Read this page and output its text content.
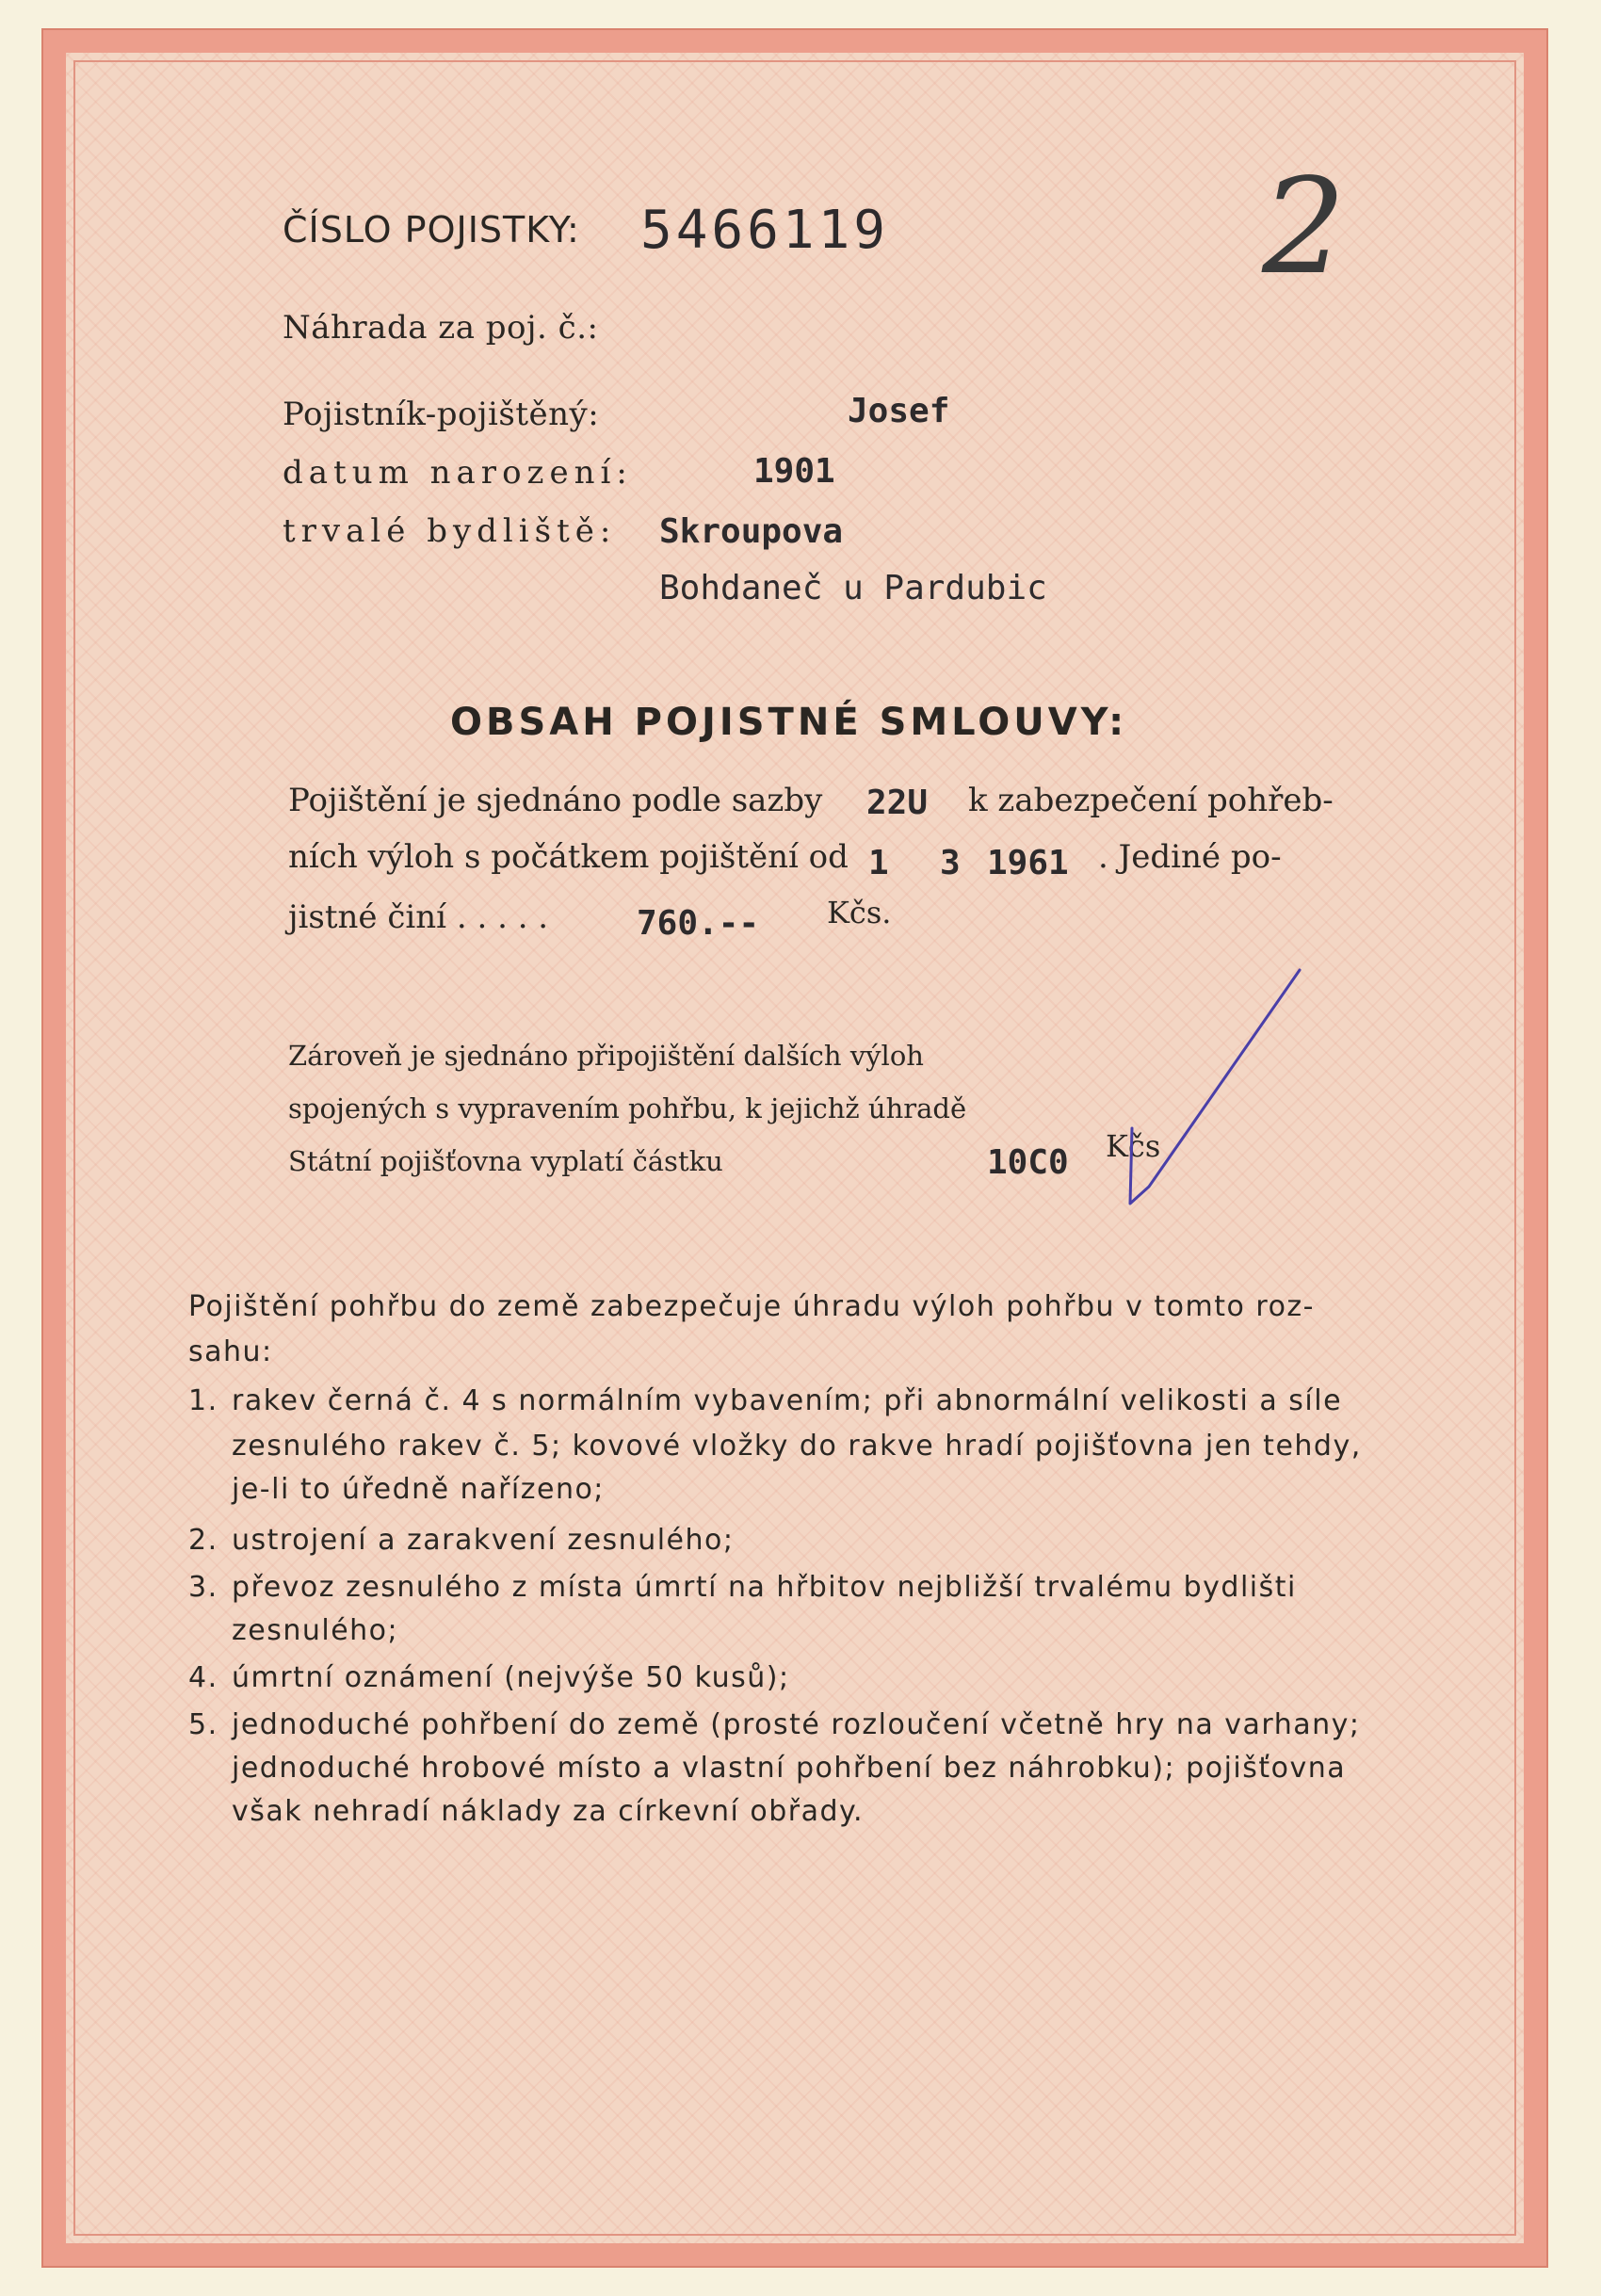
ČÍSLO POJISTKY: 5466119	2
Náhrada za poj. č.:
Pojistník-pojištěný:	Josef
datum narození:	1901
trvalé bydliště: Skroupova
Bohdaneč u Pardubic
OBSAH POJISTNÉ SMLOUVY:
Pojištění je sjednáno podle sazby 22U k zabezpečení pohřeb-
ních výloh s počátkem pojištění od 1 3 1961 . Jediné po-
jistné činí . . . . .	760.-- Kčs.
Zároveň je sjednáno připojištění dalších výloh
spojených s vypravením pohřbu, k jejichž úhradě
Státní pojišťovna vyplatí částku	10C0 Kčs
Pojištění pohřbu do země zabezpečuje úhradu výloh pohřbu v tomto roz-
sahu:
1. rakev černá č. 4 s normálním vybavením; při abnormální velikosti a síle
zesnulého rakev č. 5; kovové vložky do rakve hradí pojišťovna jen tehdy,
je-li to úředně nařízeno;
2. ustrojení a zarakvení zesnulého;
3. převoz zesnulého z místa úmrtí na hřbitov nejbližší trvalému bydlišti
zesnulého;
4. úmrtní oznámení (nejvýše 50 kusů);
5. jednoduché pohřbení do země (prosté rozloučení včetně hry na varhany;
jednoduché hrobové místo a vlastní pohřbení bez náhrobku); pojišťovna
však nehradí náklady za církevní obřady.
